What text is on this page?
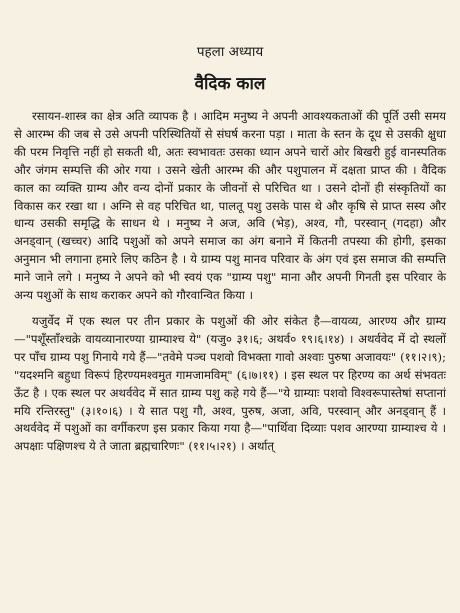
पहला अध्याय
वैदिक काल

रसायन-शास्त्र का क्षेत्र अति व्यापक है । आदिम मनुष्य ने अपनी आवश्यकताओं की पूर्ति उसी समय से आरम्भ की जब से उसे अपनी परिस्थितियों से संघर्ष करना पड़ा । माता के स्तन के दूध से उसकी क्षुधा की परम निवृत्ति नहीं हो सकती थी, अतः स्वभावतः उसका ध्यान अपने चारों ओर बिखरी हुई वानस्पतिक और जंगम सम्पत्ति की ओर गया । उसने खेती आरम्भ की और पशुपालन में दक्षता प्राप्त की । वैदिक काल का व्यक्ति ग्राम्य और वन्य दोनों प्रकार के जीवनों से परिचित था । उसने दोनों ही संस्कृतियों का विकास कर रखा था । अग्नि से वह परिचित था, पालतू पशु उसके पास थे और कृषि से प्राप्त सस्य और धान्य उसकी समृद्धि के साधन थे । मनुष्य ने अज, अवि (भेड़), अश्व, गौ, परस्वान् (गदहा) और अनड्वान् (खच्चर) आदि पशुओं को अपने समाज का अंग बनाने में कितनी तपस्या की होगी, इसका अनुमान भी लगाना हमारे लिए कठिन है । ये ग्राम्य पशु मानव परिवार के अंग एवं इस समाज की सम्पत्ति माने जाने लगे । मनुष्य ने अपने को भी स्वयं एक "ग्राम्य पशु" माना और अपनी गिनती इस परिवार के अन्य पशुओं के साथ कराकर अपने को गौरवान्वित किया ।

यजुर्वेद में एक स्थल पर तीन प्रकार के पशुओं की ओर संकेत है—वायव्य, आरण्य और ग्राम्य—"पशूँस्ताँश्चक्रे वायव्यानारण्या ग्राम्याश्च ये" (यजु० ३१।६; अथर्व० १९।६।१४) । अथर्ववेद में दो स्थलों पर पाँच ग्राम्य पशु गिनाये गये हैं—"तवेमे पञ्च पशवो विभक्ता गावो अश्वाः पुरुषा अजावयः" (११।२।९); "यदश्मनि बहुधा विरूपं हिरण्यमश्वमुत गामजामविम्" (६।७।११) । इस स्थल पर हिरण्य का अर्थ संभवतः ऊँट है । एक स्थल पर अथर्ववेद में सात ग्राम्य पशु कहे गये हैं—"ये ग्राम्याः पशवो विश्वरूपास्तेषां सप्तानां मयि रन्तिरस्तु" (३।१०।६) । ये सात पशु गौ, अश्व, पुरुष, अजा, अवि, परस्वान् और अनड्वान् हैं । अथर्ववेद में पशुओं का वर्गीकरण इस प्रकार किया गया है—"पार्थिवा दिव्याः पशव आरण्या ग्राम्याश्च ये । अपक्षाः पक्षिणश्च ये ते जाता ब्रह्मचारिणः" (११।५।२१) । अर्थात्
